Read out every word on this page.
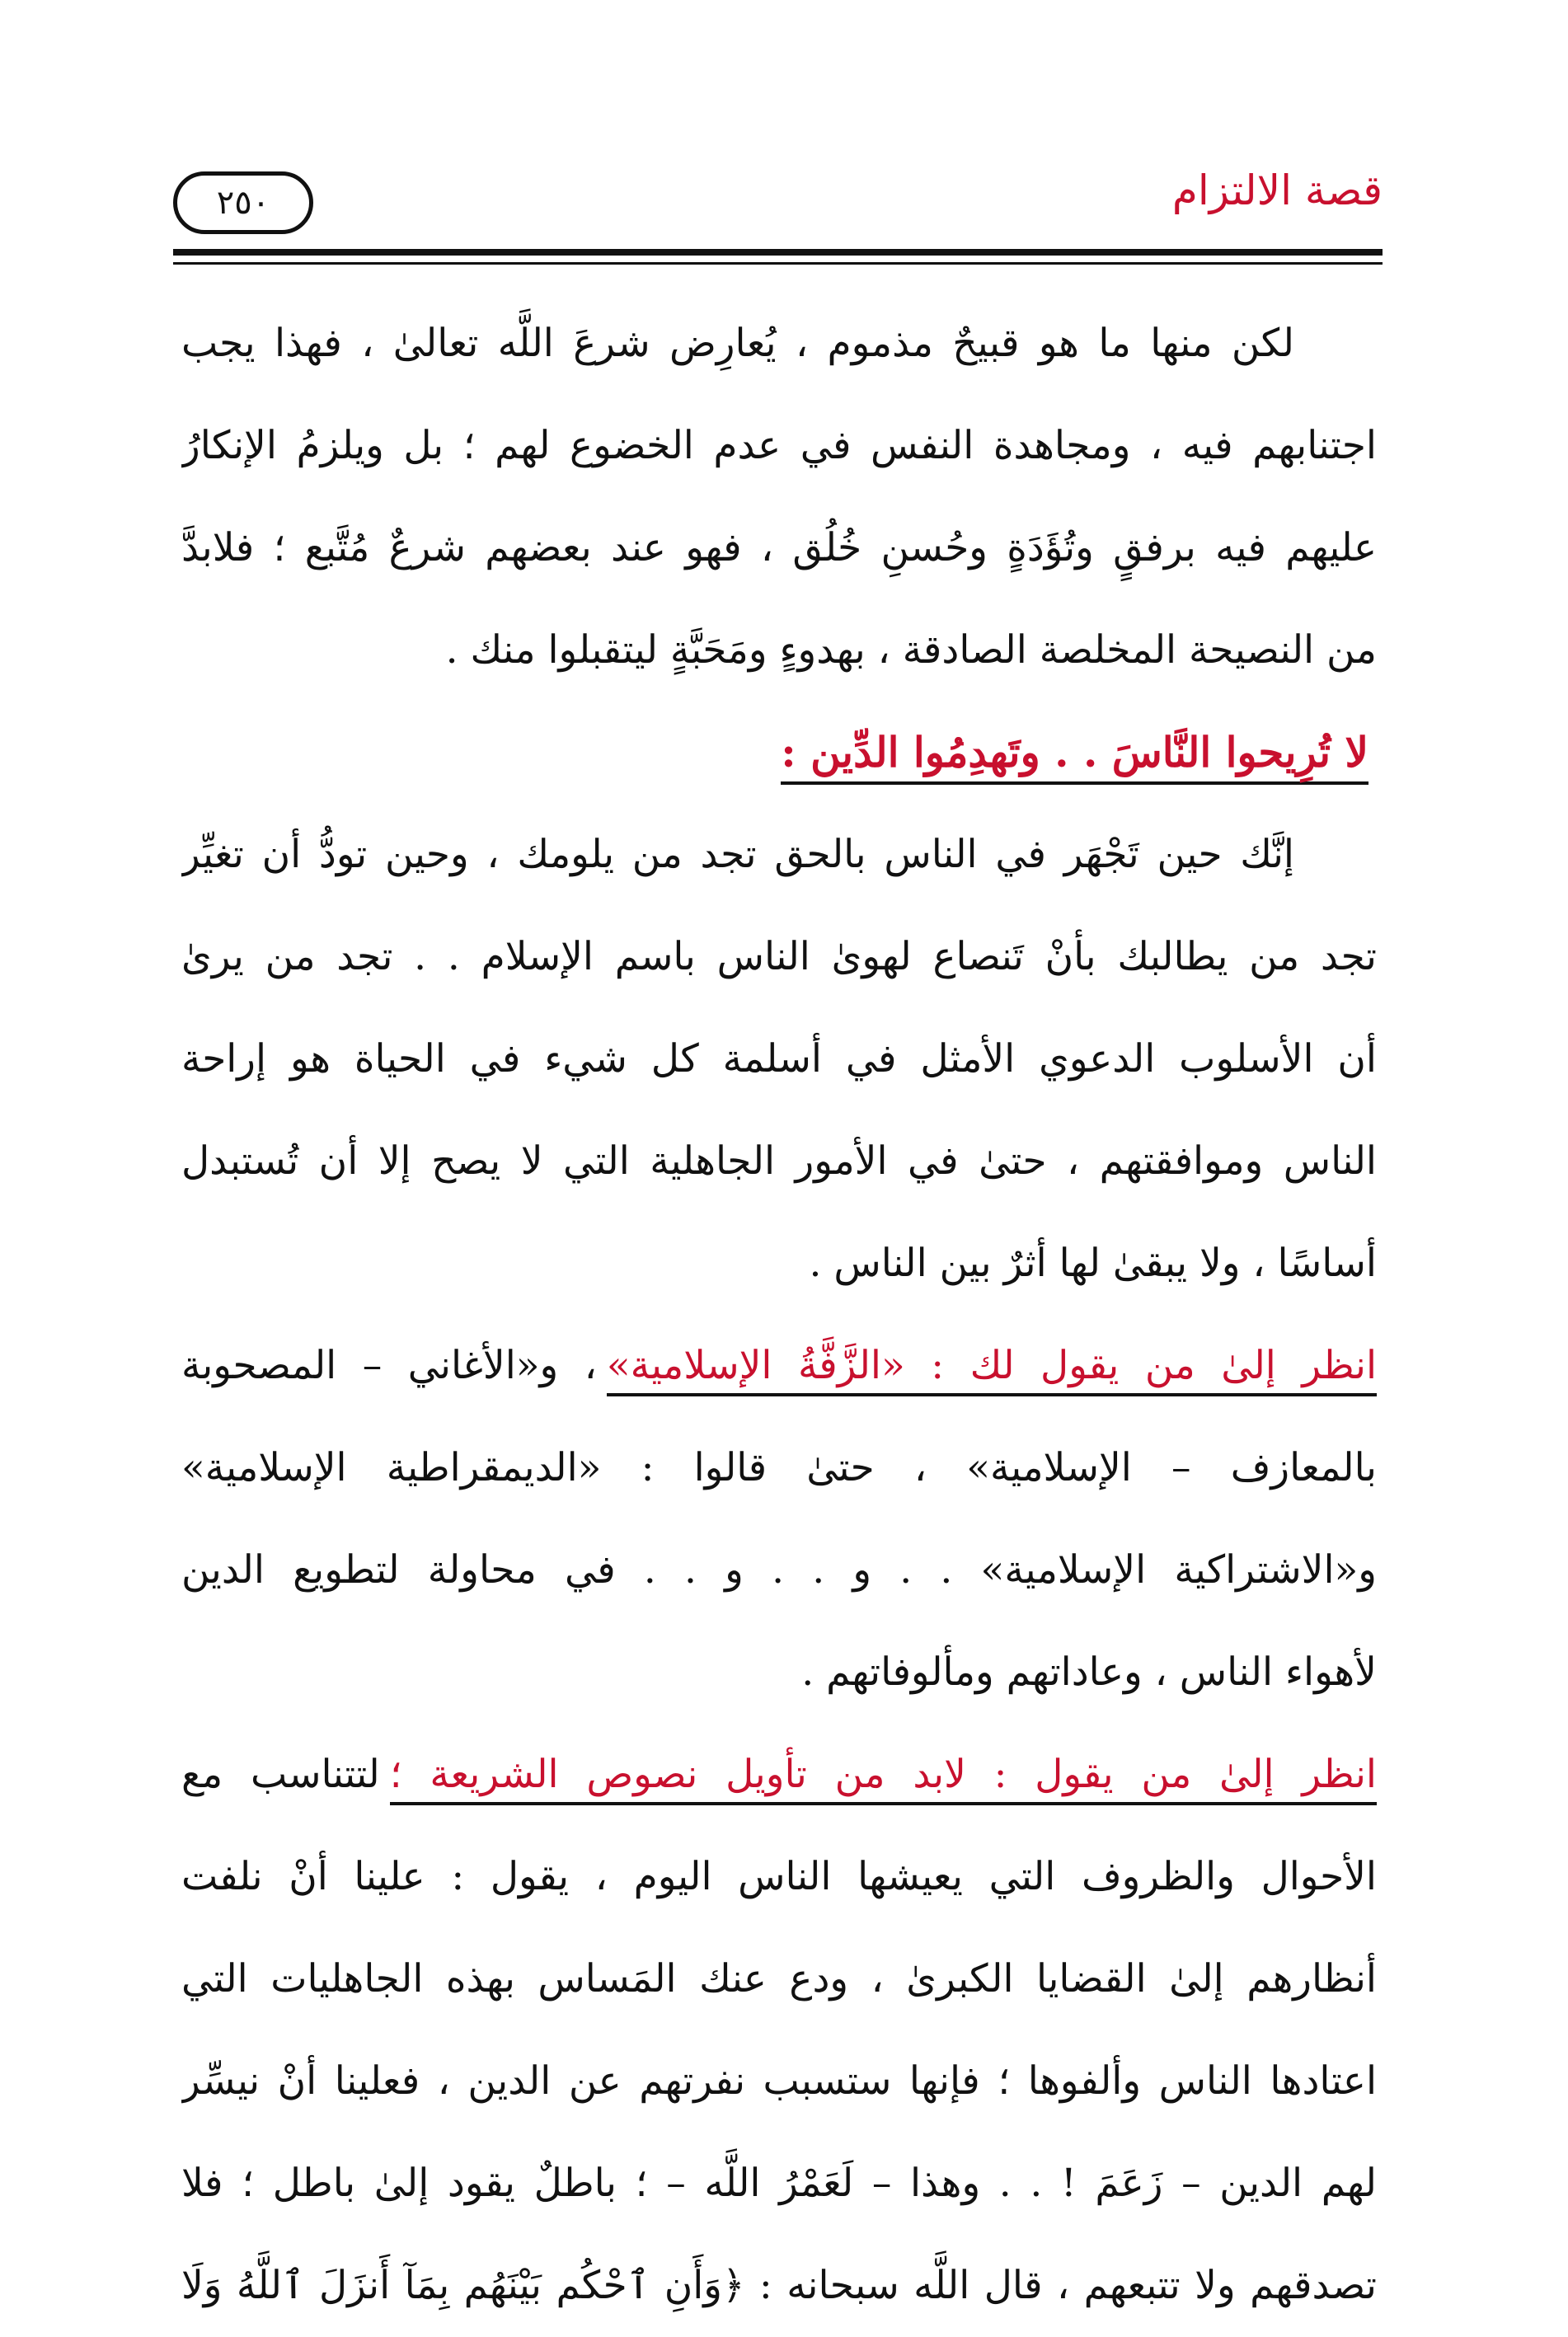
قصة الالتزام
٢٥٠
لكن منها ما هو قبيحٌ مذموم ، يُعارِض شرعَ اللَّه تعالىٰ ، فهذا يجب
اجتنابهم فيه ، ومجاهدة النفس في عدم الخضوع لهم ؛ بل ويلزمُ الإنكارُ
عليهم فيه برفقٍ وتُؤَدَةٍ وحُسنِ خُلُق ، فهو عند بعضهم شرعٌ مُتَّبع ؛ فلابدَّ
من النصيحة المخلصة الصادقة ، بهدوءٍ ومَحَبَّةٍ ليتقبلوا منك .
لا تُرِيحوا النَّاسَ . . وتَهدِمُوا الدِّين :
إنَّك حين تَجْهَر في الناس بالحق تجد من يلومك ، وحين تودُّ أن تغيِّر
تجد من يطالبك بأنْ تَنصاع لهوىٰ الناس باسم الإسلام . . تجد من يرىٰ
أن الأسلوب الدعوي الأمثل في أسلمة كل شيء في الحياة هو إراحة
الناس وموافقتهم ، حتىٰ في الأمور الجاهلية التي لا يصح إلا أن تُستبدل
أساسًا ، ولا يبقىٰ لها أثرٌ بين الناس .
انظر إلىٰ من يقول لك : «الزَّفَّةُ الإسلامية»، و«الأغاني – المصحوبة
بالمعازف – الإسلامية» ، حتىٰ قالوا : «الديمقراطية الإسلامية»
و«الاشتراكية الإسلامية» . . و . . و . . في محاولة لتطويع الدين
لأهواء الناس ، وعاداتهم ومألوفاتهم .
انظر إلىٰ من يقول : لابد من تأويل نصوص الشريعة ؛لتتناسب مع
الأحوال والظروف التي يعيشها الناس اليوم ، يقول : علينا أنْ نلفت
أنظارهم إلىٰ القضايا الكبرىٰ ، ودع عنك المَساس بهذه الجاهليات التي
اعتادها الناس وألفوها ؛ فإنها ستسبب نفرتهم عن الدين ، فعلينا أنْ نيسِّر
لهم الدين – زَعَمَ ! . . وهذا – لَعَمْرُ اللَّه – ؛ باطلٌ يقود إلىٰ باطل ؛ فلا
تصدقهم ولا تتبعهم ، قال اللَّه سبحانه : ﴿وَأَنِ ٱحْكُم بَيْنَهُم بِمَآ أَنزَلَ ٱللَّهُ وَلَا
